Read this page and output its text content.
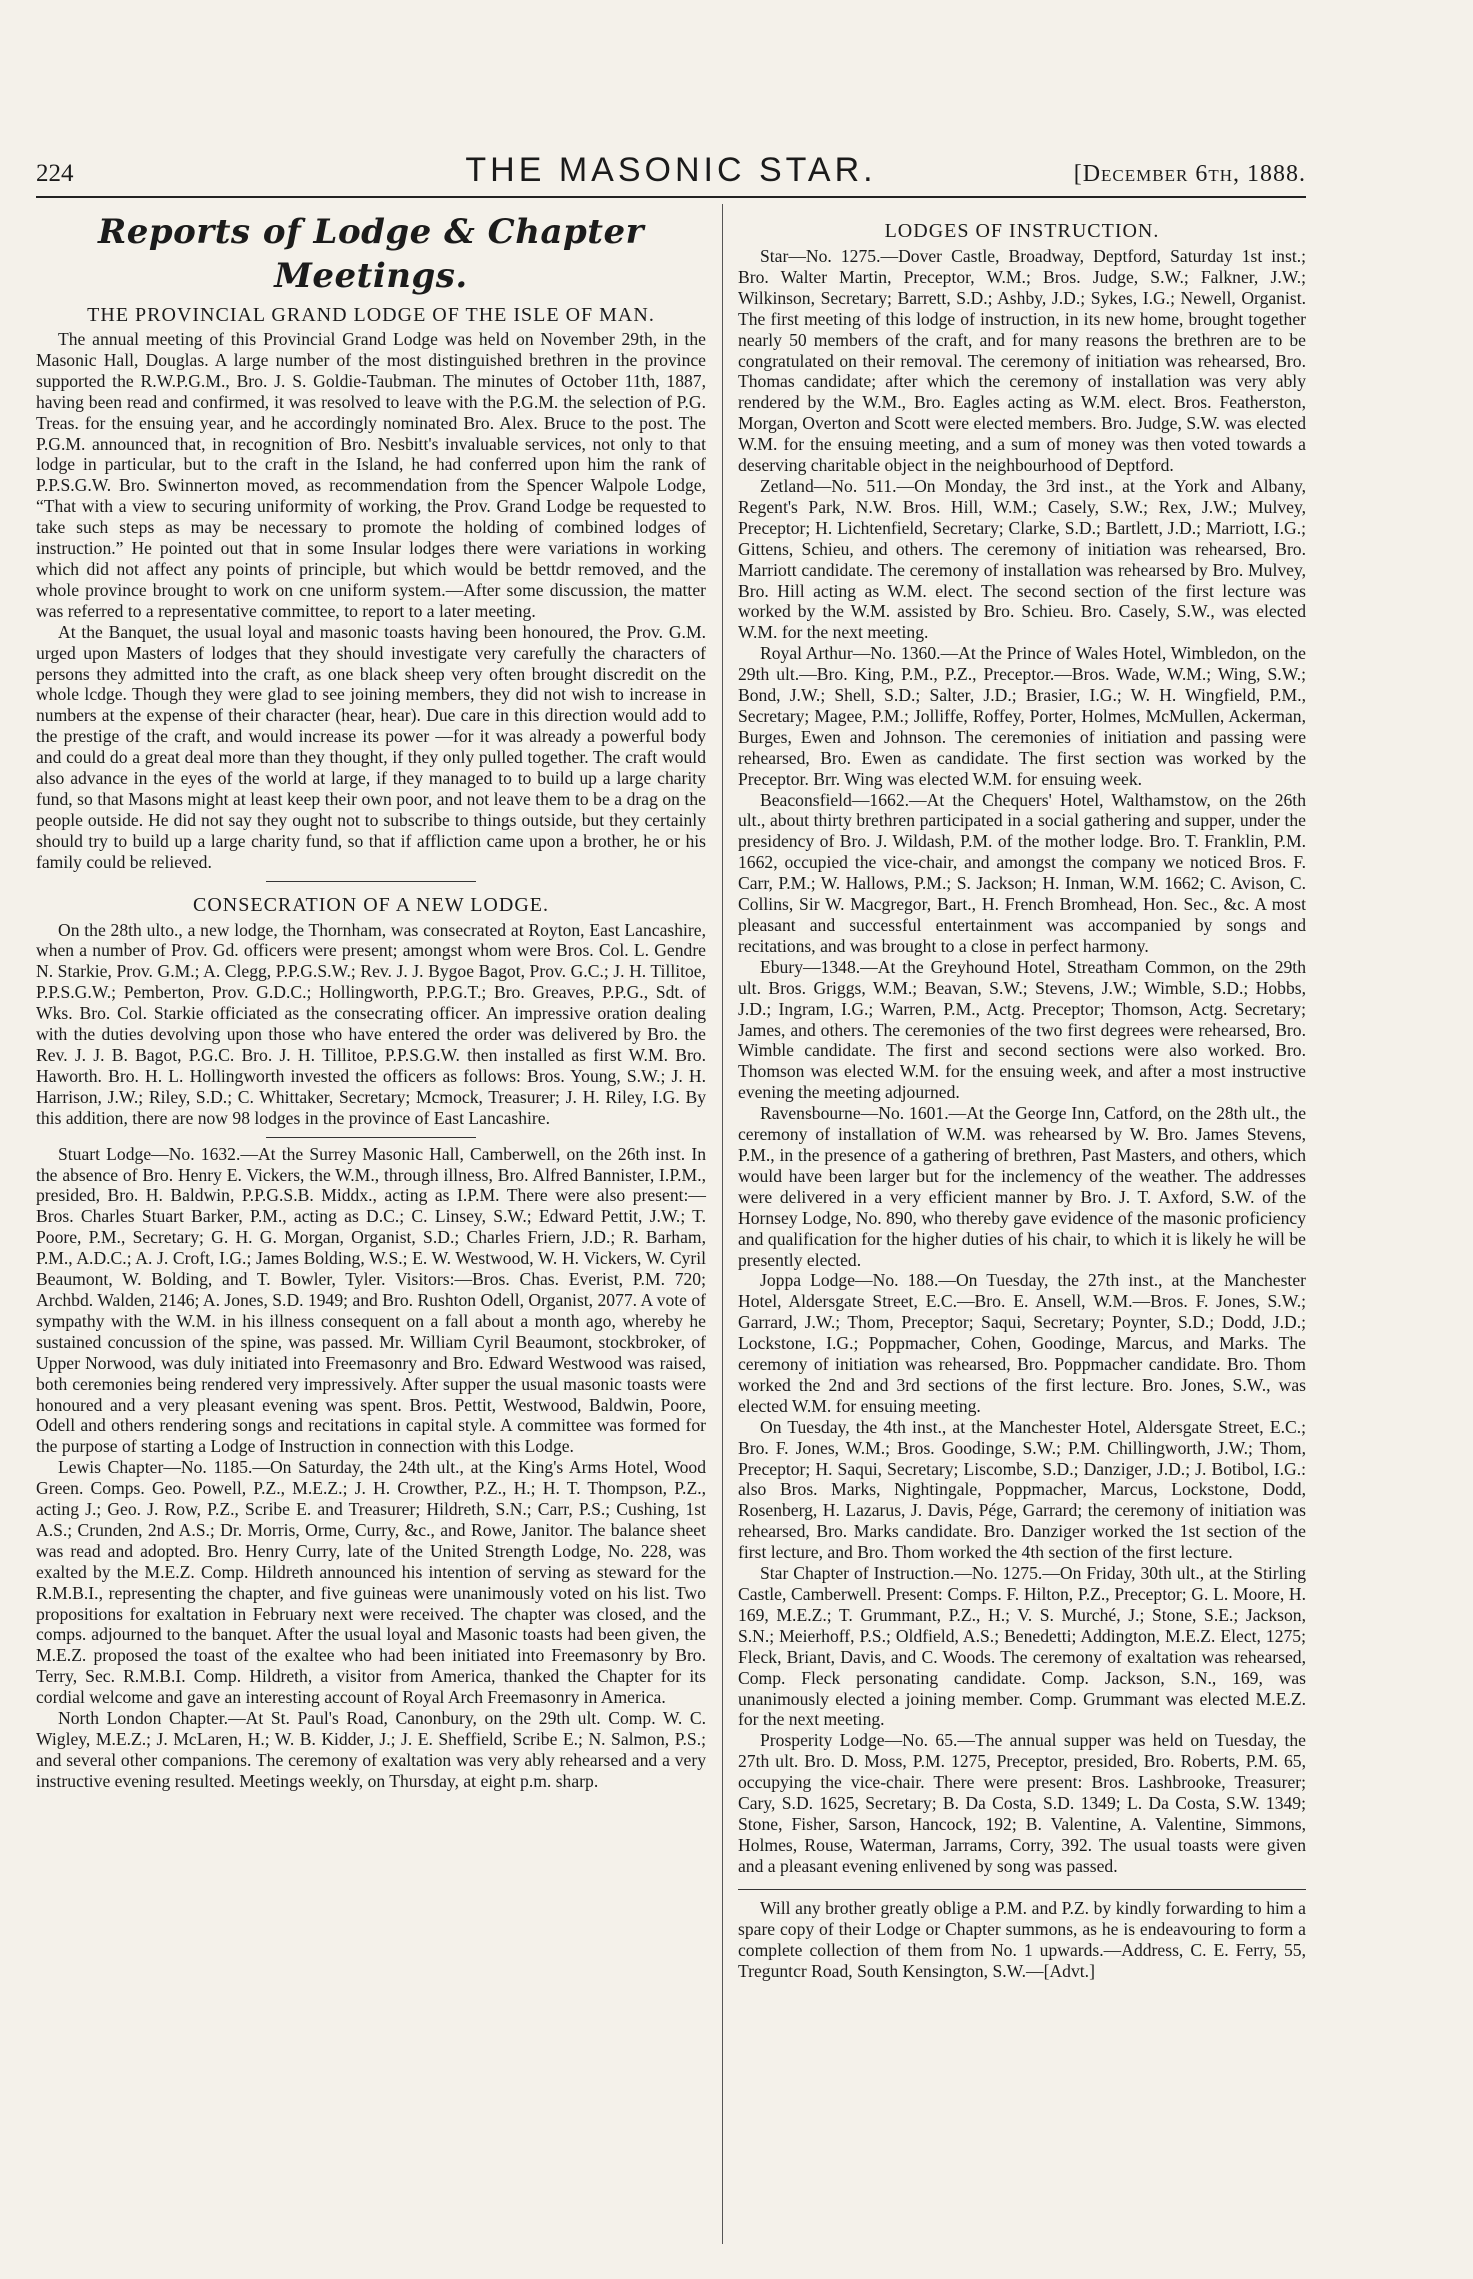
224	THE MASONIC STAR.	[December 6th, 1888.
Reports of Lodge & Chapter Meetings.
THE PROVINCIAL GRAND LODGE OF THE ISLE OF MAN.

The annual meeting of this Provincial Grand Lodge was held on November 29th, in the Masonic Hall, Douglas. A large number of the most distinguished brethren in the province supported the R.W.P.G.M., Bro. J. S. Goldie-Taubman. The minutes of October 11th, 1887, having been read and confirmed, it was resolved to leave with the P.G.M. the selection of P.G. Treas. for the ensuing year, and he accordingly nominated Bro. Alex. Bruce to the post. The P.G.M. announced that, in recognition of Bro. Nesbitt's invaluable services, not only to that lodge in particular, but to the craft in the Island, he had conferred upon him the rank of P.P.S.G.W. Bro. Swinnerton moved, as recommendation from the Spencer Walpole Lodge, “That with a view to securing uniformity of working, the Prov. Grand Lodge be requested to take such steps as may be necessary to promote the holding of combined lodges of instruction.” He pointed out that in some Insular lodges there were variations in working which did not affect any points of principle, but which would be bettdr removed, and the whole province brought to work on cne uniform system.—After some discussion, the matter was referred to a representative committee, to report to a later meeting.

At the Banquet, the usual loyal and masonic toasts having been honoured, the Prov. G.M. urged upon Masters of lodges that they should investigate very carefully the characters of persons they admitted into the craft, as one black sheep very often brought discredit on the whole lcdge. Though they were glad to see joining members, they did not wish to increase in numbers at the expense of their character (hear, hear). Due care in this direction would add to the prestige of the craft, and would increase its power —for it was already a powerful body and could do a great deal more than they thought, if they only pulled together. The craft would also advance in the eyes of the world at large, if they managed to to build up a large charity fund, so that Masons might at least keep their own poor, and not leave them to be a drag on the people outside. He did not say they ought not to subscribe to things outside, but they certainly should try to build up a large charity fund, so that if affliction came upon a brother, he or his family could be relieved.

CONSECRATION OF A NEW LODGE.

On the 28th ulto., a new lodge, the Thornham, was consecrated at Royton, East Lancashire, when a number of Prov. Gd. officers were present; amongst whom were Bros. Col. L. Gendre N. Starkie, Prov. G.M.; A. Clegg, P.P.G.S.W.; Rev. J. J. Bygoe Bagot, Prov. G.C.; J. H. Tillitoe, P.P.S.G.W.; Pemberton, Prov. G.D.C.; Hollingworth, P.P.G.T.; Bro. Greaves, P.P.G., Sdt. of Wks. Bro. Col. Starkie officiated as the consecrating officer. An impressive oration dealing with the duties devolving upon those who have entered the order was delivered by Bro. the Rev. J. J. B. Bagot, P.G.C. Bro. J. H. Tillitoe, P.P.S.G.W. then installed as first W.M. Bro. Haworth. Bro. H. L. Hollingworth invested the officers as follows: Bros. Young, S.W.; J. H. Harrison, J.W.; Riley, S.D.; C. Whittaker, Secretary; Mcmock, Treasurer; J. H. Riley, I.G. By this addition, there are now 98 lodges in the province of East Lancashire.

Stuart Lodge—No. 1632.—At the Surrey Masonic Hall, Camberwell, on the 26th inst. In the absence of Bro. Henry E. Vickers, the W.M., through illness, Bro. Alfred Bannister, I.P.M., presided, Bro. H. Baldwin, P.P.G.S.B. Middx., acting as I.P.M. There were also present:—Bros. Charles Stuart Barker, P.M., acting as D.C.; C. Linsey, S.W.; Edward Pettit, J.W.; T. Poore, P.M., Secretary; G. H. G. Morgan, Organist, S.D.; Charles Friern, J.D.; R. Barham, P.M., A.D.C.; A. J. Croft, I.G.; James Bolding, W.S.; E. W. Westwood, W. H. Vickers, W. Cyril Beaumont, W. Bolding, and T. Bowler, Tyler. Visitors:—Bros. Chas. Everist, P.M. 720; Archbd. Walden, 2146; A. Jones, S.D. 1949; and Bro. Rushton Odell, Organist, 2077. A vote of sympathy with the W.M. in his illness consequent on a fall about a month ago, whereby he sustained concussion of the spine, was passed. Mr. William Cyril Beaumont, stockbroker, of Upper Norwood, was duly initiated into Freemasonry and Bro. Edward Westwood was raised, both ceremonies being rendered very impressively. After supper the usual masonic toasts were honoured and a very pleasant evening was spent. Bros. Pettit, Westwood, Baldwin, Poore, Odell and others rendering songs and recitations in capital style. A committee was formed for the purpose of starting a Lodge of Instruction in connection with this Lodge.

Lewis Chapter—No. 1185.—On Saturday, the 24th ult., at the King's Arms Hotel, Wood Green. Comps. Geo. Powell, P.Z., M.E.Z.; J. H. Crowther, P.Z., H.; H. T. Thompson, P.Z., acting J.; Geo. J. Row, P.Z., Scribe E. and Treasurer; Hildreth, S.N.; Carr, P.S.; Cushing, 1st A.S.; Crunden, 2nd A.S.; Dr. Morris, Orme, Curry, &c., and Rowe, Janitor. The balance sheet was read and adopted. Bro. Henry Curry, late of the United Strength Lodge, No. 228, was exalted by the M.E.Z. Comp. Hildreth announced his intention of serving as steward for the R.M.B.I., representing the chapter, and five guineas were unanimously voted on his list. Two propositions for exaltation in February next were received. The chapter was closed, and the comps. adjourned to the banquet. After the usual loyal and Masonic toasts had been given, the M.E.Z. proposed the toast of the exaltee who had been initiated into Freemasonry by Bro. Terry, Sec. R.M.B.I. Comp. Hildreth, a visitor from America, thanked the Chapter for its cordial welcome and gave an interesting account of Royal Arch Freemasonry in America.

North London Chapter.—At St. Paul's Road, Canonbury, on the 29th ult. Comp. W. C. Wigley, M.E.Z.; J. McLaren, H.; W. B. Kidder, J.; J. E. Sheffield, Scribe E.; N. Salmon, P.S.; and several other companions. The ceremony of exaltation was very ably rehearsed and a very instructive evening resulted. Meetings weekly, on Thursday, at eight p.m. sharp.

LODGES OF INSTRUCTION.

Star—No. 1275.—Dover Castle, Broadway, Deptford, Saturday 1st inst.; Bro. Walter Martin, Preceptor, W.M.; Bros. Judge, S.W.; Falkner, J.W.; Wilkinson, Secretary; Barrett, S.D.; Ashby, J.D.; Sykes, I.G.; Newell, Organist. The first meeting of this lodge of instruction, in its new home, brought together nearly 50 members of the craft, and for many reasons the brethren are to be congratulated on their removal. The ceremony of initiation was rehearsed, Bro. Thomas candidate; after which the ceremony of installation was very ably rendered by the W.M., Bro. Eagles acting as W.M. elect. Bros. Featherston, Morgan, Overton and Scott were elected members. Bro. Judge, S.W. was elected W.M. for the ensuing meeting, and a sum of money was then voted towards a deserving charitable object in the neighbourhood of Deptford.

Zetland—No. 511.—On Monday, the 3rd inst., at the York and Albany, Regent's Park, N.W. Bros. Hill, W.M.; Casely, S.W.; Rex, J.W.; Mulvey, Preceptor; H. Lichtenfield, Secretary; Clarke, S.D.; Bartlett, J.D.; Marriott, I.G.; Gittens, Schieu, and others. The ceremony of initiation was rehearsed, Bro. Marriott candidate. The ceremony of installation was rehearsed by Bro. Mulvey, Bro. Hill acting as W.M. elect. The second section of the first lecture was worked by the W.M. assisted by Bro. Schieu. Bro. Casely, S.W., was elected W.M. for the next meeting.

Royal Arthur—No. 1360.—At the Prince of Wales Hotel, Wimbledon, on the 29th ult.—Bro. King, P.M., P.Z., Preceptor.—Bros. Wade, W.M.; Wing, S.W.; Bond, J.W.; Shell, S.D.; Salter, J.D.; Brasier, I.G.; W. H. Wingfield, P.M., Secretary; Magee, P.M.; Jolliffe, Roffey, Porter, Holmes, McMullen, Ackerman, Burges, Ewen and Johnson. The ceremonies of initiation and passing were rehearsed, Bro. Ewen as candidate. The first section was worked by the Preceptor. Brr. Wing was elected W.M. for ensuing week.

Beaconsfield—1662.—At the Chequers' Hotel, Walthamstow, on the 26th ult., about thirty brethren participated in a social gathering and supper, under the presidency of Bro. J. Wildash, P.M. of the mother lodge. Bro. T. Franklin, P.M. 1662, occupied the vice-chair, and amongst the company we noticed Bros. F. Carr, P.M.; W. Hallows, P.M.; S. Jackson; H. Inman, W.M. 1662; C. Avison, C. Collins, Sir W. Macgregor, Bart., H. French Bromhead, Hon. Sec., &c. A most pleasant and successful entertainment was accompanied by songs and recitations, and was brought to a close in perfect harmony.

Ebury—1348.—At the Greyhound Hotel, Streatham Common, on the 29th ult. Bros. Griggs, W.M.; Beavan, S.W.; Stevens, J.W.; Wimble, S.D.; Hobbs, J.D.; Ingram, I.G.; Warren, P.M., Actg. Preceptor; Thomson, Actg. Secretary; James, and others. The ceremonies of the two first degrees were rehearsed, Bro. Wimble candidate. The first and second sections were also worked. Bro. Thomson was elected W.M. for the ensuing week, and after a most instructive evening the meeting adjourned.

Ravensbourne—No. 1601.—At the George Inn, Catford, on the 28th ult., the ceremony of installation of W.M. was rehearsed by W. Bro. James Stevens, P.M., in the presence of a gathering of brethren, Past Masters, and others, which would have been larger but for the inclemency of the weather. The addresses were delivered in a very efficient manner by Bro. J. T. Axford, S.W. of the Hornsey Lodge, No. 890, who thereby gave evidence of the masonic proficiency and qualification for the higher duties of his chair, to which it is likely he will be presently elected.

Joppa Lodge—No. 188.—On Tuesday, the 27th inst., at the Manchester Hotel, Aldersgate Street, E.C.—Bro. E. Ansell, W.M.—Bros. F. Jones, S.W.; Garrard, J.W.; Thom, Preceptor; Saqui, Secretary; Poynter, S.D.; Dodd, J.D.; Lockstone, I.G.; Poppmacher, Cohen, Goodinge, Marcus, and Marks. The ceremony of initiation was rehearsed, Bro. Poppmacher candidate. Bro. Thom worked the 2nd and 3rd sections of the first lecture. Bro. Jones, S.W., was elected W.M. for ensuing meeting.

On Tuesday, the 4th inst., at the Manchester Hotel, Aldersgate Street, E.C.; Bro. F. Jones, W.M.; Bros. Goodinge, S.W.; P.M. Chillingworth, J.W.; Thom, Preceptor; H. Saqui, Secretary; Liscombe, S.D.; Danziger, J.D.; J. Botibol, I.G.: also Bros. Marks, Nightingale, Poppmacher, Marcus, Lockstone, Dodd, Rosenberg, H. Lazarus, J. Davis, Pége, Garrard; the ceremony of initiation was rehearsed, Bro. Marks candidate. Bro. Danziger worked the 1st section of the first lecture, and Bro. Thom worked the 4th section of the first lecture.

Star Chapter of Instruction.—No. 1275.—On Friday, 30th ult., at the Stirling Castle, Camberwell. Present: Comps. F. Hilton, P.Z., Preceptor; G. L. Moore, H. 169, M.E.Z.; T. Grummant, P.Z., H.; V. S. Murché, J.; Stone, S.E.; Jackson, S.N.; Meierhoff, P.S.; Oldfield, A.S.; Benedetti; Addington, M.E.Z. Elect, 1275; Fleck, Briant, Davis, and C. Woods. The ceremony of exaltation was rehearsed, Comp. Fleck personating candidate. Comp. Jackson, S.N., 169, was unanimously elected a joining member. Comp. Grummant was elected M.E.Z. for the next meeting.

Prosperity Lodge—No. 65.—The annual supper was held on Tuesday, the 27th ult. Bro. D. Moss, P.M. 1275, Preceptor, presided, Bro. Roberts, P.M. 65, occupying the vice-chair. There were present: Bros. Lashbrooke, Treasurer; Cary, S.D. 1625, Secretary; B. Da Costa, S.D. 1349; L. Da Costa, S.W. 1349; Stone, Fisher, Sarson, Hancock, 192; B. Valentine, A. Valentine, Simmons, Holmes, Rouse, Waterman, Jarrams, Corry, 392. The usual toasts were given and a pleasant evening enlivened by song was passed.

Will any brother greatly oblige a P.M. and P.Z. by kindly forwarding to him a spare copy of their Lodge or Chapter summons, as he is endeavouring to form a complete collection of them from No. 1 upwards.—Address, C. E. Ferry, 55, Treguntcr Road, South Kensington, S.W.—[Advt.]
